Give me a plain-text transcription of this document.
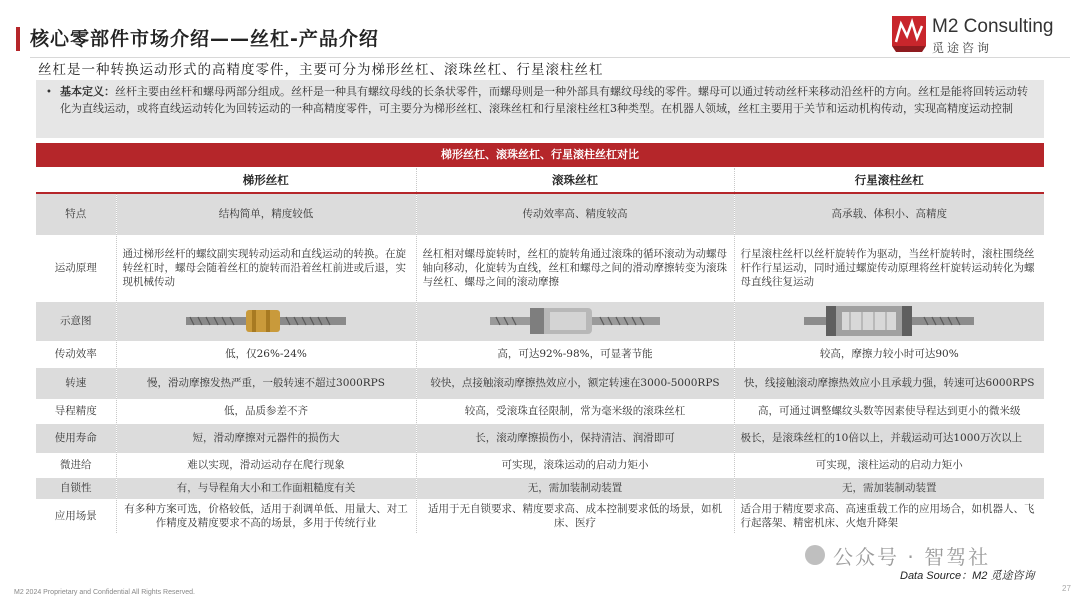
核心零部件市场介绍——丝杠-产品介绍
M2 Consulting
觅途咨询
丝杠是一种转换运动形式的高精度零件，主要可分为梯形丝杠、滚珠丝杠、行星滚柱丝杠
• 基本定义：丝杆主要由丝杆和螺母两部分组成。丝杆是一种具有螺纹母线的长条状零件，而螺母则是一种外部具有螺纹母线的零件。螺母可以通过转动丝杆来移动沿丝杆的方向。丝杠是能将回转运动转化为直线运动，或将直线运动转化为回转运动的一种高精度零件，可主要分为梯形丝杠、滚珠丝杠和行星滚柱丝杠3种类型。在机器人领域，丝杠主要用于关节和运动机构传动，实现高精度运动控制
梯形丝杠、滚珠丝杠、行星滚柱丝杠对比			
	梯形丝杠	滚珠丝杠	行星滚柱丝杠
特点	结构简单，精度较低	传动效率高、精度较高	高承载、体积小、高精度
运动原理	通过梯形丝杆的螺纹副实现转动运动和直线运动的转换。在旋转丝杠时，螺母会随着丝杠的旋转而沿着丝杠前进或后退，实现机械传动	丝杠相对螺母旋转时，丝杠的旋转角通过滚珠的循环滚动为动螺母轴向移动，化旋转为直线，丝杠和螺母之间的滑动摩擦转变为滚珠与丝杠、螺母之间的滚动摩擦	行星滚柱丝杆以丝杆旋转作为驱动，当丝杆旋转时，滚柱围绕丝杆作行星运动，同时通过螺旋传动原理将丝杆旋转运动转化为螺母直线往复运动
示意图	

传动效率	低，仅26%-24%	高，可达92%-98%，可显著节能	较高，摩擦力较小时可达90%
转速	慢，滑动摩擦发热严重，一般转速不超过3000RPS	较快，点接触滚动摩擦热效应小，额定转速在3000-5000RPS	快，线接触滚动摩擦热效应小且承载力强，转速可达6000RPS
导程精度	低，品质参差不齐	较高，受滚珠直径限制，常为毫米级的滚珠丝杠	高，可通过调整螺纹头数等因素使导程达到更小的微米级
使用寿命	短，滑动摩擦对元器件的损伤大	长，滚动摩擦损伤小，保持清洁、润滑即可	极长，是滚珠丝杠的10倍以上，并载运动可达1000万次以上
微进给	难以实现，滑动运动存在爬行现象	可实现，滚珠运动的启动力矩小	可实现，滚柱运动的启动力矩小
自锁性	有，与导程角大小和工作面粗糙度有关	无，需加装制动装置	无，需加装制动装置
应用场景	有多种方案可选，价格较低，适用于刹调单低、用量大、对工作精度及精度要求不高的场景，多用于传统行业	适用于无自锁要求、精度要求高、成本控制要求低的场景，如机床、医疗	适合用于精度要求高、高速重载工作的应用场合，如机器人、飞行起落架、精密机床、火炮升降架
公众号 · 智驾社
Data Source：M2 觅途咨询
M2 2024 Proprietary and Confidential All Rights Reserved.	27
